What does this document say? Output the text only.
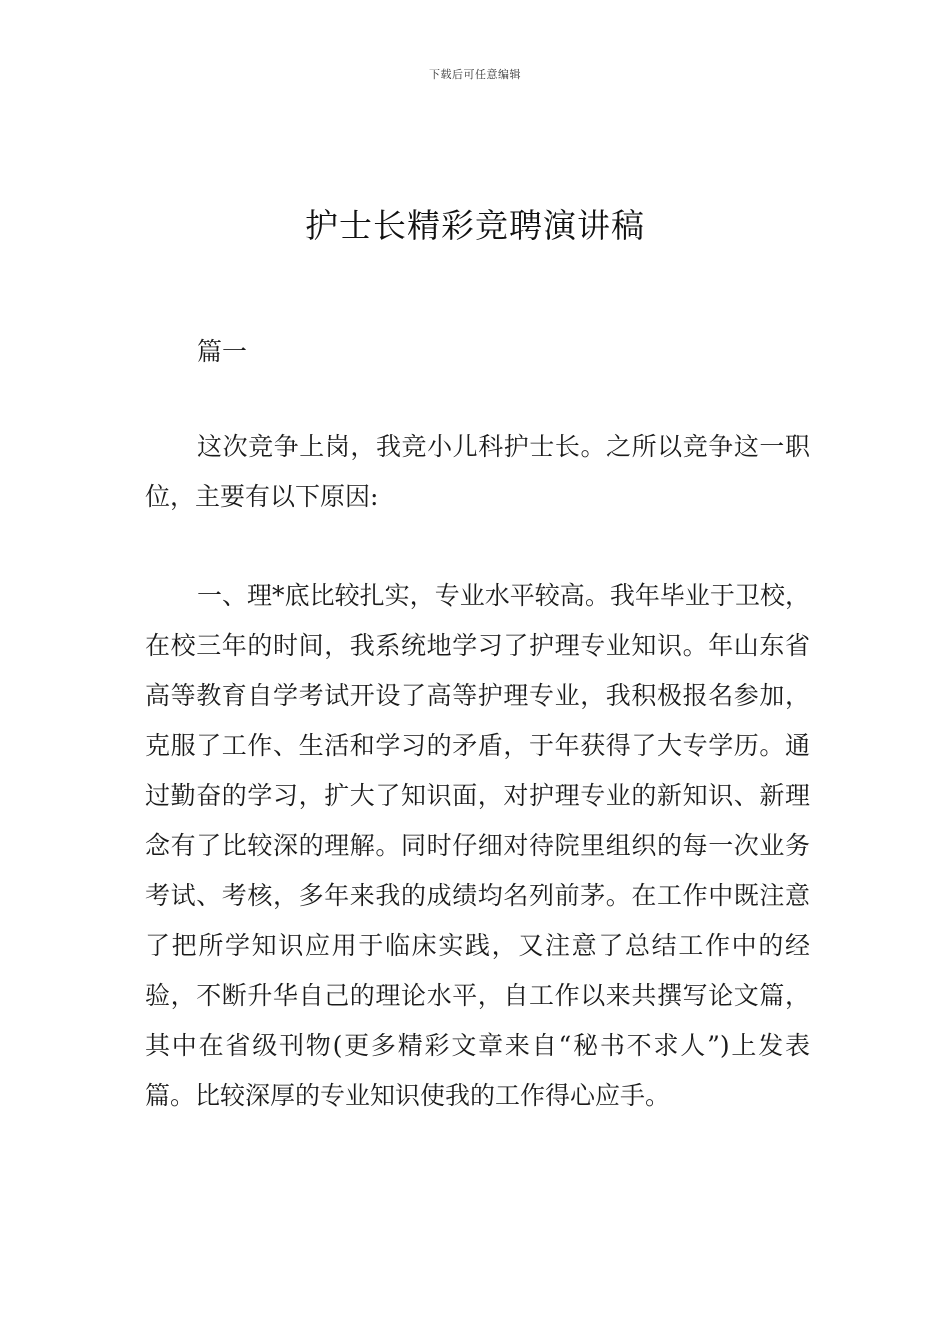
下载后可任意编辑
护士长精彩竞聘演讲稿
篇一

这次竞争上岗，我竞小儿科护士长。之所以竞争这一职位，主要有以下原因:

一、理*底比较扎实，专业水平较高。我年毕业于卫校，在校三年的时间，我系统地学习了护理专业知识。年山东省高等教育自学考试开设了高等护理专业，我积极报名参加，克服了工作、生活和学习的矛盾，于年获得了大专学历。通过勤奋的学习，扩大了知识面，对护理专业的新知识、新理念有了比较深的理解。同时仔细对待院里组织的每一次业务考试、考核，多年来我的成绩均名列前茅。在工作中既注意了把所学知识应用于临床实践，又注意了总结工作中的经验，不断升华自己的理论水平，自工作以来共撰写论文篇，其中在省级刊物(更多精彩文章来自“秘书不求人”)上发表篇。比较深厚的专业知识使我的工作得心应手。
